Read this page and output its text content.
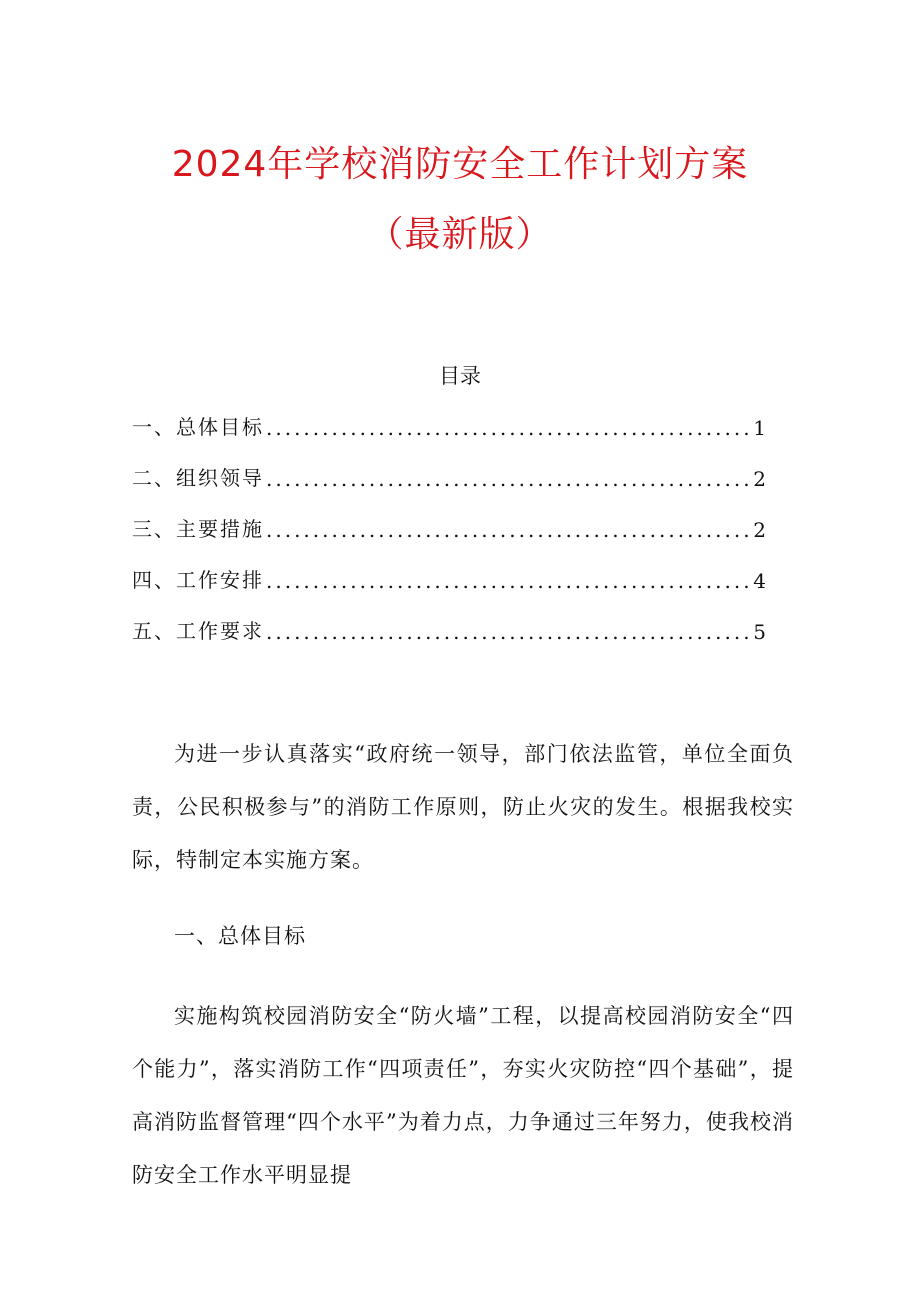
2024年学校消防安全工作计划方案
（最新版）
目录
一、总体目标 .....	1
二、组织领导 .....	2
三、主要措施 .....	2
四、工作安排 .....	4
五、工作要求 .....	5

为进一步认真落实“政府统一领导，部门依法监管，单位全面负责，公民积极参与”的消防工作原则，防止火灾的发生。根据我校实际，特制定本实施方案。

一、总体目标

实施构筑校园消防安全“防火墙”工程，以提高校园消防安全“四个能力”，落实消防工作“四项责任”，夯实火灾防控“四个基础”，提高消防监督管理“四个水平”为着力点，力争通过三年努力，使我校消防安全工作水平明显提
